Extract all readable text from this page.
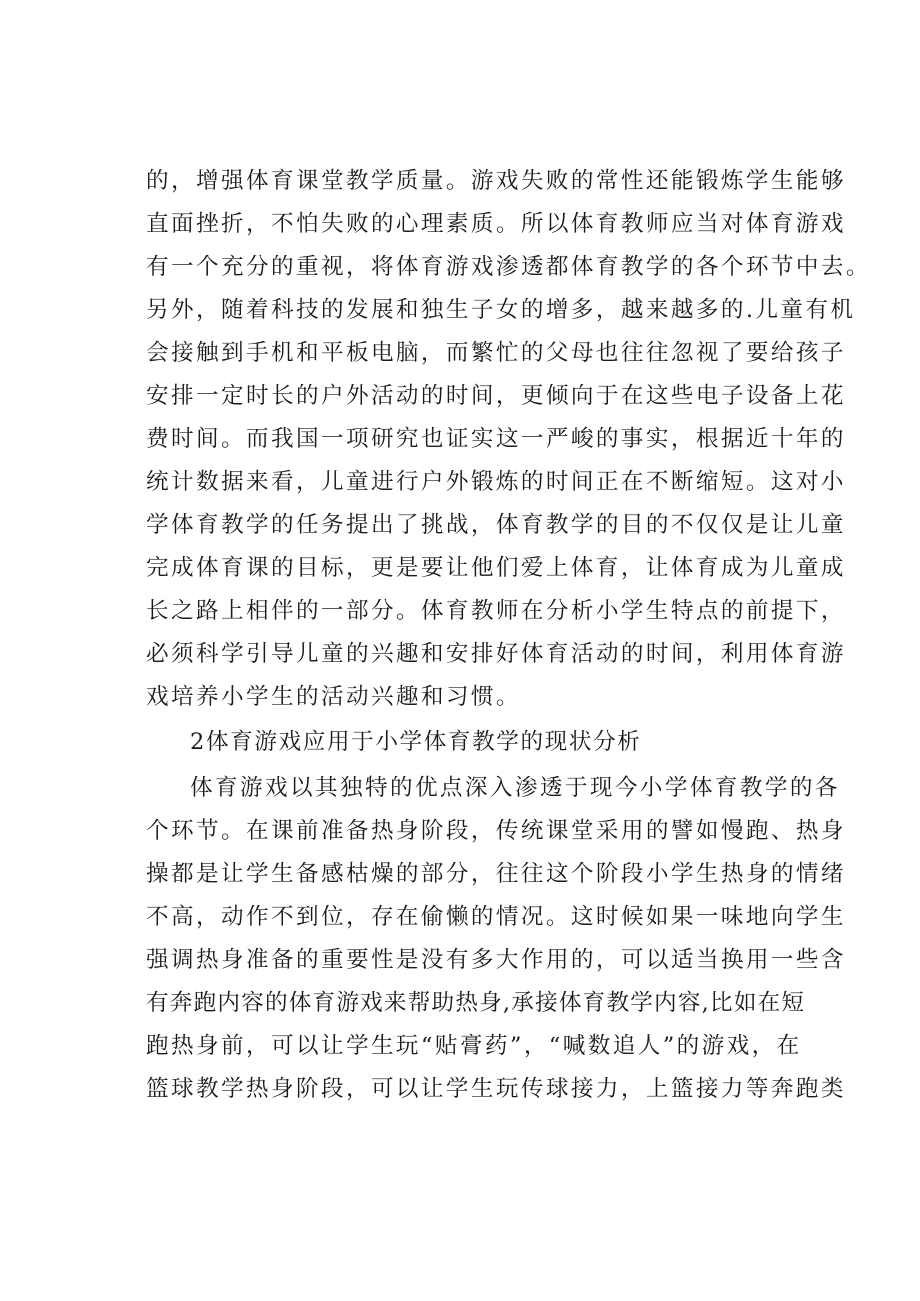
的，增强体育课堂教学质量。游戏失败的常性还能锻炼学生能够
直面挫折，不怕失败的心理素质。所以体育教师应当对体育游戏
有一个充分的重视，将体育游戏渗透都体育教学的各个环节中去。
另外，随着科技的发展和独生子女的增多，越来越多的.儿童有机
会接触到手机和平板电脑，而繁忙的父母也往往忽视了要给孩子
安排一定时长的户外活动的时间，更倾向于在这些电子设备上花
费时间。而我国一项研究也证实这一严峻的事实，根据近十年的
统计数据来看，儿童进行户外锻炼的时间正在不断缩短。这对小
学体育教学的任务提出了挑战，体育教学的目的不仅仅是让儿童
完成体育课的目标，更是要让他们爱上体育，让体育成为儿童成
长之路上相伴的一部分。体育教师在分析小学生特点的前提下，
必须科学引导儿童的兴趣和安排好体育活动的时间，利用体育游
戏培养小学生的活动兴趣和习惯。
2体育游戏应用于小学体育教学的现状分析
体育游戏以其独特的优点深入渗透于现今小学体育教学的各
个环节。在课前准备热身阶段，传统课堂采用的譬如慢跑、热身
操都是让学生备感枯燥的部分，往往这个阶段小学生热身的情绪
不高，动作不到位，存在偷懒的情况。这时候如果一味地向学生
强调热身准备的重要性是没有多大作用的，可以适当换用一些含
有奔跑内容的体育游戏来帮助热身,承接体育教学内容,比如在短
跑热身前，可以让学生玩“贴膏药”，“喊数追人”的游戏，在
篮球教学热身阶段，可以让学生玩传球接力，上篮接力等奔跑类
